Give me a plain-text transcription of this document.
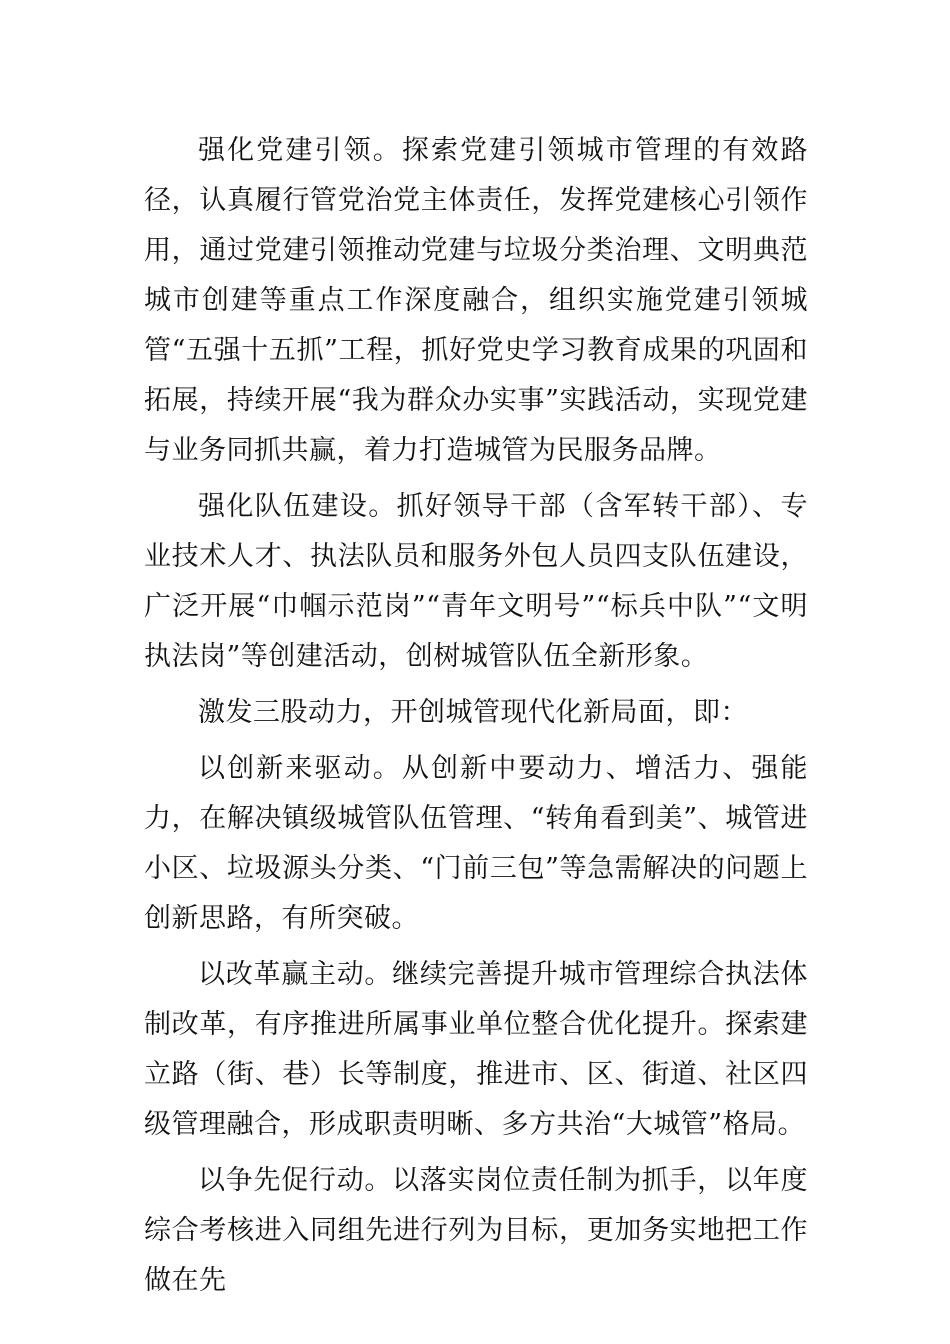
强化党建引领。探索党建引领城市管理的有效路径，认真履行管党治党主体责任，发挥党建核心引领作用，通过党建引领推动党建与垃圾分类治理、文明典范城市创建等重点工作深度融合，组织实施党建引领城管“五强十五抓”工程，抓好党史学习教育成果的巩固和拓展，持续开展“我为群众办实事”实践活动，实现党建与业务同抓共赢，着力打造城管为民服务品牌。

强化队伍建设。抓好领导干部（含军转干部）、专业技术人才、执法队员和服务外包人员四支队伍建设，广泛开展“巾帼示范岗”“青年文明号”“标兵中队”“文明执法岗”等创建活动，创树城管队伍全新形象。

激发三股动力，开创城管现代化新局面，即：

以创新来驱动。从创新中要动力、增活力、强能力，在解决镇级城管队伍管理、“转角看到美”、城管进小区、垃圾源头分类、“门前三包”等急需解决的问题上创新思路，有所突破。

以改革赢主动。继续完善提升城市管理综合执法体制改革，有序推进所属事业单位整合优化提升。探索建立路（街、巷）长等制度，推进市、区、街道、社区四级管理融合，形成职责明晰、多方共治“大城管”格局。

以争先促行动。以落实岗位责任制为抓手，以年度综合考核进入同组先进行列为目标，更加务实地把工作做在先
